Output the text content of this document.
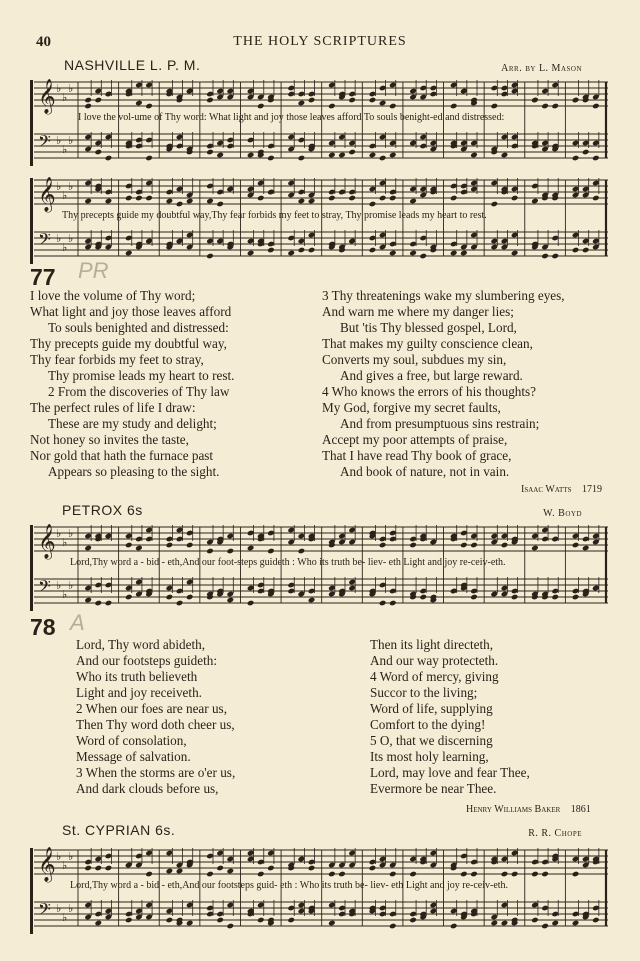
40	THE HOLY SCRIPTURES
NASHVILLE L. P. M.	Arr. by L. Mason
𝄞 ♭
♭
♭
𝄢 ♭
♭
♭
I love the vol-ume of Thy word: What light and joy those leaves afford To souls benight-ed and distressed:
𝄞 ♭
♭
♭
𝄢 ♭
♭
♭
Thy precepts guide my doubtful way,Thy fear forbids my feet to stray, Thy promise leads my heart to rest.
77 PR
I love the volume of Thy word;
What light and joy those leaves afford
To souls benighted and distressed:
Thy precepts guide my doubtful way,
Thy fear forbids my feet to stray,
Thy promise leads my heart to rest.
2 From the discoveries of Thy law
The perfect rules of life I draw:
These are my study and delight;
Not honey so invites the taste,
Nor gold that hath the furnace past
Appears so pleasing to the sight.
3 Thy threatenings wake my slumbering eyes,
And warn me where my danger lies;
But 'tis Thy blessed gospel, Lord,
That makes my guilty conscience clean,
Converts my soul, subdues my sin,
And gives a free, but large reward.
4 Who knows the errors of his thoughts?
My God, forgive my secret faults,
And from presumptuous sins restrain;
Accept my poor attempts of praise,
That I have read Thy book of grace,
And book of nature, not in vain.
Isaac Watts 1719
PETROX 6s	W. Boyd
𝄞 ♭
♭
♭
𝄢 ♭
♭
♭
Lord,Thy word a - bid - eth,And our foot-steps guideth : Who its truth be- liev- eth Light and joy re-ceiv-eth.
78 A
Lord, Thy word abideth,
And our footsteps guideth:
Who its truth believeth
Light and joy receiveth.
2 When our foes are near us,
Then Thy word doth cheer us,
Word of consolation,
Message of salvation.
3 When the storms are o'er us,
And dark clouds before us,
Then its light directeth,
And our way protecteth.
4 Word of mercy, giving
Succor to the living;
Word of life, supplying
Comfort to the dying!
5 O, that we discerning
Its most holy learning,
Lord, may love and fear Thee,
Evermore be near Thee.
Henry Williams Baker 1861
St. CYPRIAN 6s.	R. R. Chope
𝄞 ♭
♭
♭
𝄢 ♭
♭
♭
Lord,Thy word a - bid - eth,And our footsteps guid- eth : Who its truth be- liev- eth Light and joy re-ceiv-eth.
